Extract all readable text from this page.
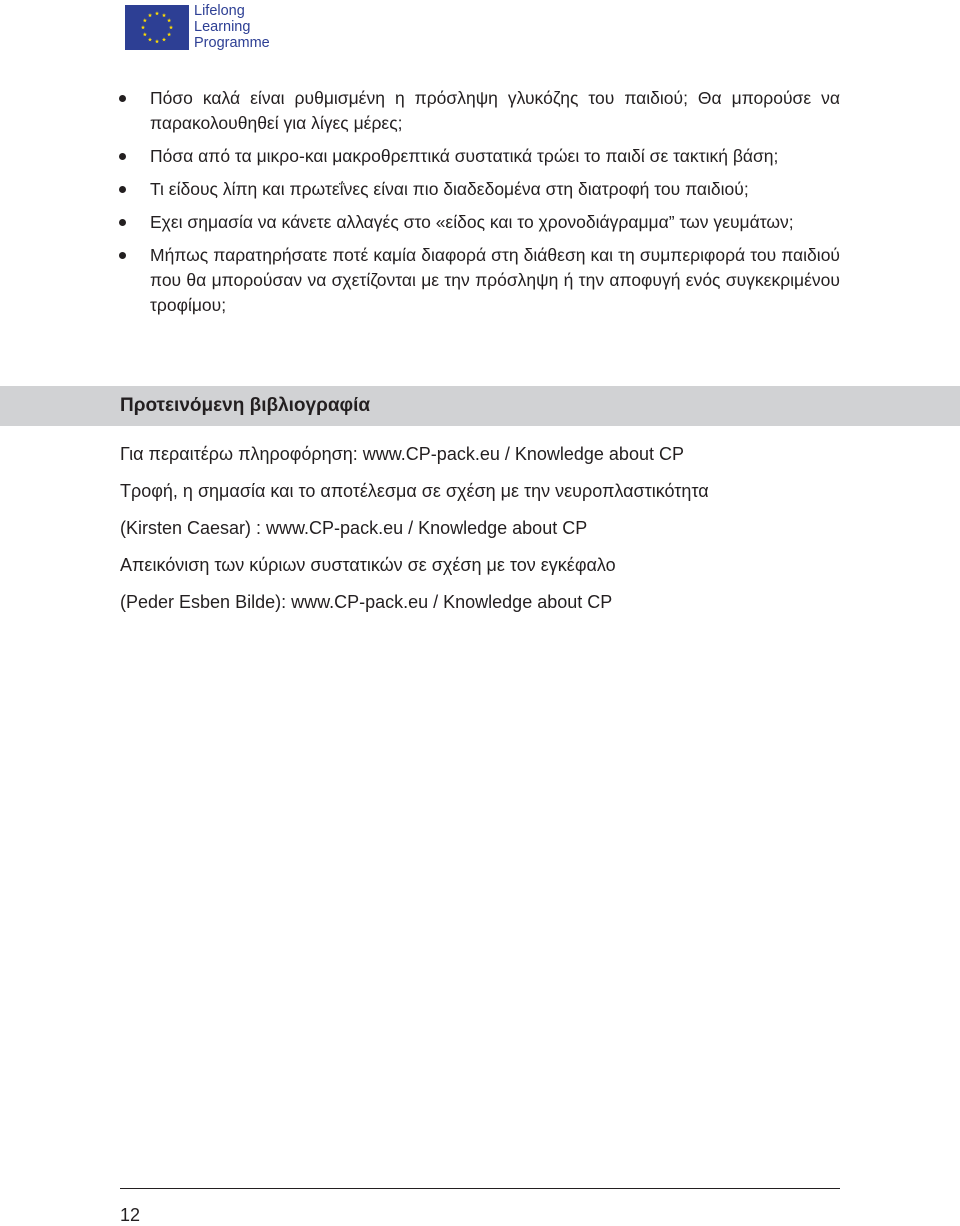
Lifelong
Learning
Programme
Πόσο καλά είναι ρυθμισμένη η πρόσληψη γλυκόζης του παιδιού; Θα μπορούσε να παρακολουθηθεί για λίγες μέρες;
Πόσα από τα μικρο-και μακροθρεπτικά συστατικά τρώει το παιδί σε τακτική βάση;
Τι είδους λίπη και πρωτεΐνες είναι πιο διαδεδομένα στη διατροφή του παιδιού;
Εχει σημασία να κάνετε αλλαγές στο «είδος και το χρονοδιάγραμμα” των γευμάτων;
Μήπως παρατηρήσατε ποτέ καμία διαφορά στη διάθεση και τη συμπεριφορά του παιδιού που θα μπορούσαν να σχετίζονται με την πρόσληψη ή την αποφυγή ενός συγκεκριμένου τροφίμου;
Προτεινόμενη βιβλιογραφία

Για περαιτέρω πληροφόρηση: www.CP-pack.eu / Knowledge about CP

Τροφή, η σημασία και το αποτέλεσμα σε σχέση με την νευροπλαστικότητα

(Kirsten Caesar) : www.CP-pack.eu / Knowledge about CP

Απεικόνιση των κύριων συστατικών σε σχέση με τον εγκέφαλο

(Peder Esben Bilde): www.CP-pack.eu / Knowledge about CP

12
